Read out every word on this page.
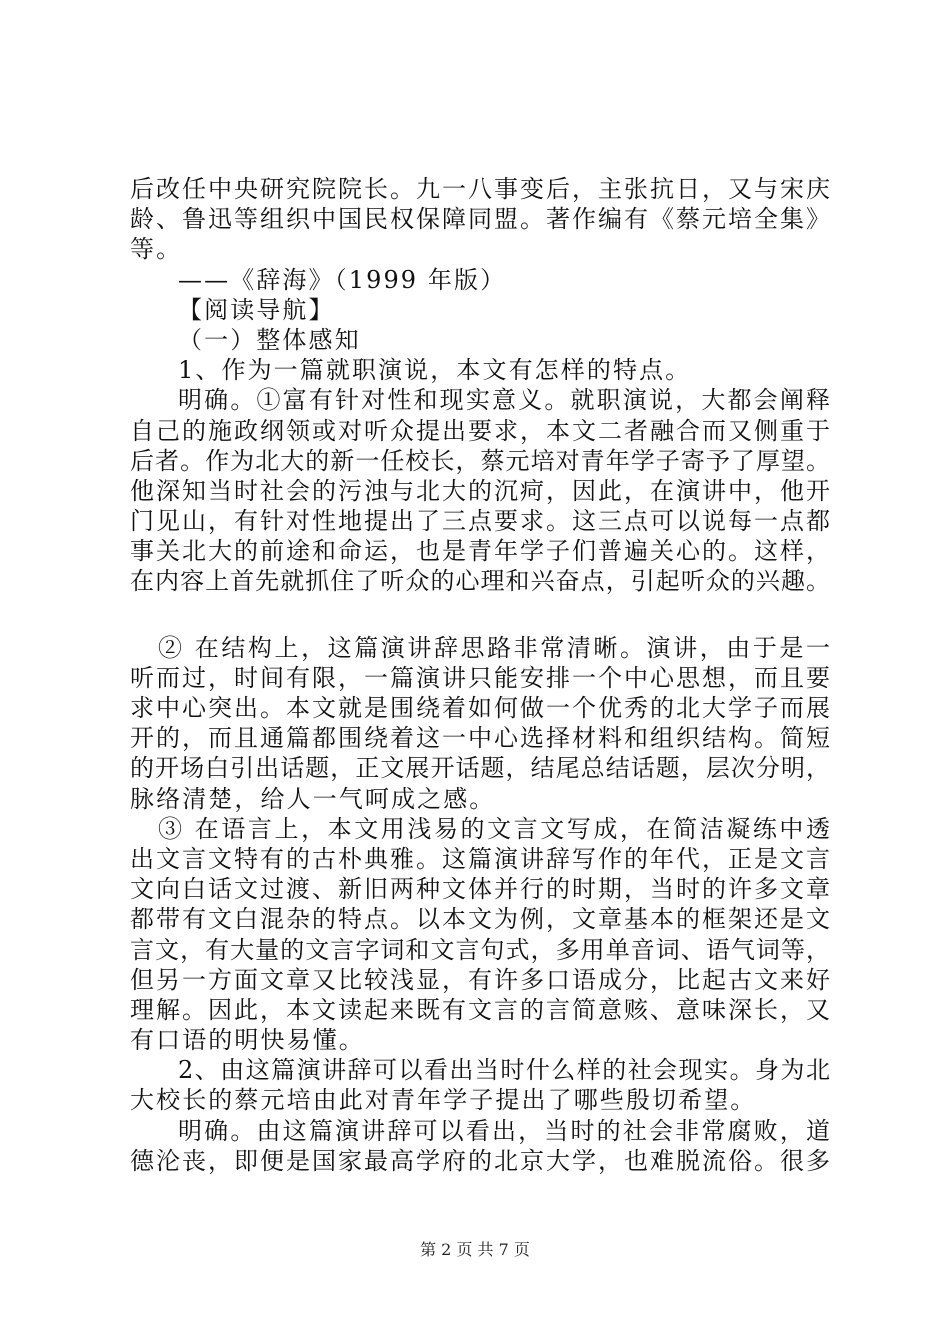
后改任中央研究院院长。九一八事变后，主张抗日，又与宋庆
龄、鲁迅等组织中国民权保障同盟。著作编有《蔡元培全集》
等。
——《辞海》（1999 年版）
【阅读导航】
（一）整体感知
1、作为一篇就职演说，本文有怎样的特点。
明确。①富有针对性和现实意义。就职演说，大都会阐释
自己的施政纲领或对听众提出要求，本文二者融合而又侧重于
后者。作为北大的新一任校长，蔡元培对青年学子寄予了厚望。
他深知当时社会的污浊与北大的沉疴，因此，在演讲中，他开
门见山，有针对性地提出了三点要求。这三点可以说每一点都
事关北大的前途和命运，也是青年学子们普遍关心的。这样，
在内容上首先就抓住了听众的心理和兴奋点，引起听众的兴趣。
② 在结构上，这篇演讲辞思路非常清晰。演讲，由于是一
听而过，时间有限，一篇演讲只能安排一个中心思想，而且要
求中心突出。本文就是围绕着如何做一个优秀的北大学子而展
开的，而且通篇都围绕着这一中心选择材料和组织结构。简短
的开场白引出话题，正文展开话题，结尾总结话题，层次分明，
脉络清楚，给人一气呵成之感。
③ 在语言上，本文用浅易的文言文写成，在简洁凝练中透
出文言文特有的古朴典雅。这篇演讲辞写作的年代，正是文言
文向白话文过渡、新旧两种文体并行的时期，当时的许多文章
都带有文白混杂的特点。以本文为例，文章基本的框架还是文
言文，有大量的文言字词和文言句式，多用单音词、语气词等，
但另一方面文章又比较浅显，有许多口语成分，比起古文来好
理解。因此，本文读起来既有文言的言简意赅、意味深长，又
有口语的明快易懂。
2、由这篇演讲辞可以看出当时什么样的社会现实。身为北
大校长的蔡元培由此对青年学子提出了哪些殷切希望。
明确。由这篇演讲辞可以看出，当时的社会非常腐败，道
德沦丧，即便是国家最高学府的北京大学，也难脱流俗。很多
第 2 页 共 7 页
